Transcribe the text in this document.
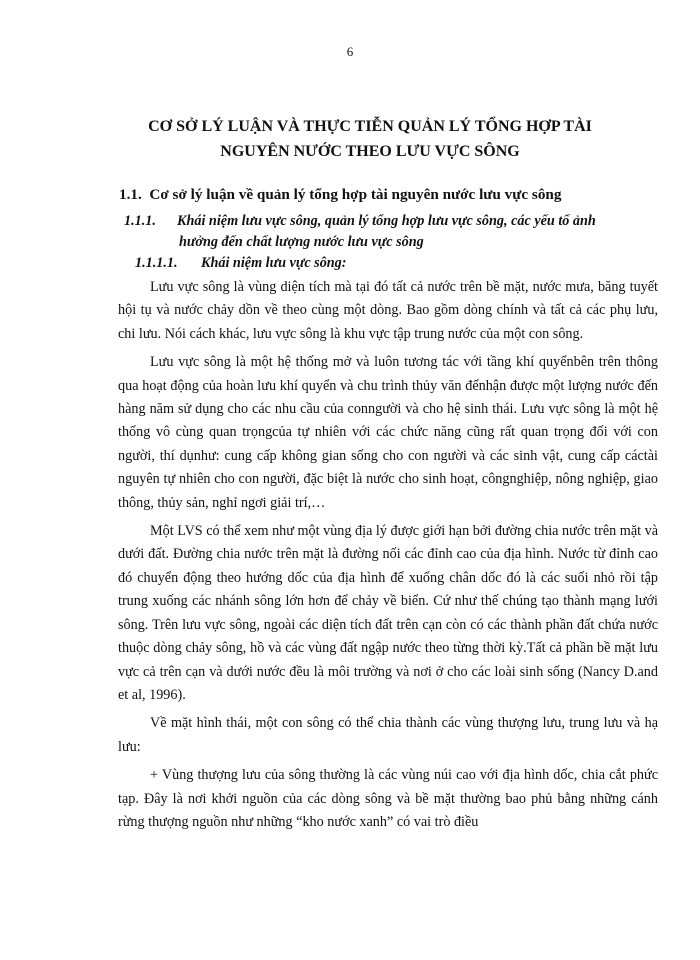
6
CƠ SỞ LÝ LUẬN VÀ THỰC TIỄN QUẢN LÝ TỔNG HỢP TÀI
NGUYÊN NƯỚC THEO LƯU VỰC SÔNG
1.1. Cơ sở lý luận về quản lý tổng hợp tài nguyên nước lưu vực sông
1.1.1. Khái niệm lưu vực sông, quản lý tổng hợp lưu vực sông, các yếu tố ảnh
hưởng đến chất lượng nước lưu vực sông
1.1.1.1. Khái niệm lưu vực sông:

Lưu vực sông là vùng diện tích mà tại đó tất cả nước trên bề mặt, nước mưa, băng tuyết hội tụ và nước chảy dồn về theo cùng một dòng. Bao gồm dòng chính và tất cả các phụ lưu, chi lưu. Nói cách khác, lưu vực sông là khu vực tập trung nước của một con sông.

Lưu vực sông là một hệ thống mở và luôn tương tác với tầng khí quyểnbên trên thông qua hoạt động của hoàn lưu khí quyển và chu trình thủy văn đểnhận được một lượng nước đến hàng năm sử dụng cho các nhu cầu của conngười và cho hệ sinh thái. Lưu vực sông là một hệ thống vô cùng quan trọngcủa tự nhiên với các chức năng cũng rất quan trọng đối với con người, thí dụnhư: cung cấp không gian sống cho con người và các sinh vật, cung cấp cáctài nguyên tự nhiên cho con người, đặc biệt là nước cho sinh hoạt, côngnghiệp, nông nghiệp, giao thông, thủy sản, nghỉ ngơi giải trí,…

Một LVS có thể xem như một vùng địa lý được giới hạn bởi đường chia nước trên mặt và dưới đất. Đường chia nước trên mặt là đường nối các đỉnh cao của địa hình. Nước từ đỉnh cao đó chuyển động theo hướng dốc của địa hình để xuống chân dốc đó là các suối nhỏ rồi tập trung xuống các nhánh sông lớn hơn để chảy về biển. Cứ như thế chúng tạo thành mạng lưới sông. Trên lưu vực sông, ngoài các diện tích đất trên cạn còn có các thành phần đất chứa nước thuộc dòng chảy sông, hồ và các vùng đất ngập nước theo từng thời kỳ.Tất cả phần bề mặt lưu vực cả trên cạn và dưới nước đều là môi trường và nơi ở cho các loài sinh sống (Nancy D.and et al, 1996).

Về mặt hình thái, một con sông có thể chia thành các vùng thượng lưu, trung lưu và hạ lưu:

+ Vùng thượng lưu của sông thường là các vùng núi cao với địa hình dốc, chia cắt phức tạp. Đây là nơi khởi nguồn của các dòng sông và bề mặt thường bao phủ bằng những cánh rừng thượng nguồn như những “kho nước xanh” có vai trò điều
